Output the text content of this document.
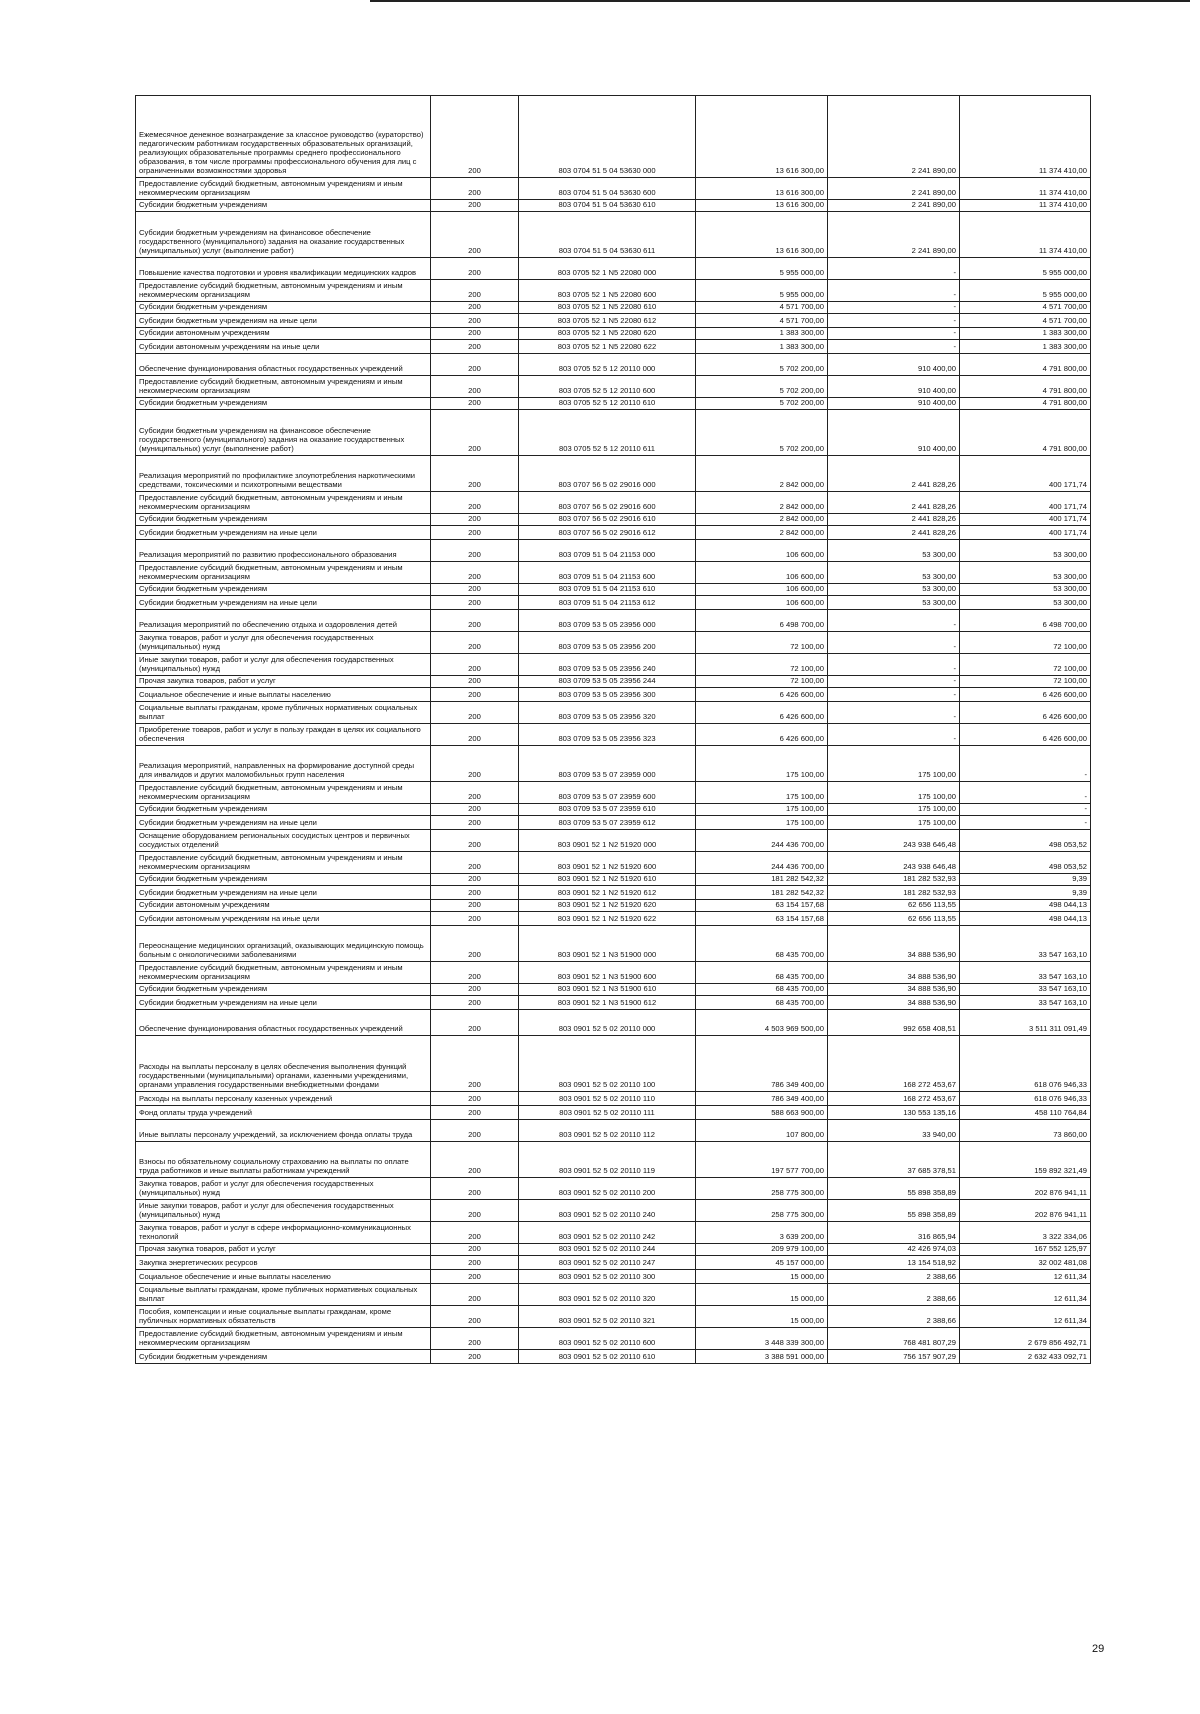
Ежемесячное денежное вознаграждение за классное руководство (кураторство) педагогическим работникам государственных образовательных организаций, реализующих образовательные программы среднего профессионального образования, в том числе программы профессионального обучения для лиц с ограниченными возможностями здоровья	200	803 0704 51 5 04 53630 000	13 616 300,00	2 241 890,00	11 374 410,00
Предоставление субсидий бюджетным, автономным учреждениям и иным некоммерческим организациям	200	803 0704 51 5 04 53630 600	13 616 300,00	2 241 890,00	11 374 410,00
Субсидии бюджетным учреждениям	200	803 0704 51 5 04 53630 610	13 616 300,00	2 241 890,00	11 374 410,00
Субсидии бюджетным учреждениям на финансовое обеспечение государственного (муниципального) задания на оказание государственных (муниципальных) услуг (выполнение работ)	200	803 0704 51 5 04 53630 611	13 616 300,00	2 241 890,00	11 374 410,00
Повышение качества подготовки и уровня квалификации медицинских кадров	200	803 0705 52 1 N5 22080 000	5 955 000,00	-	5 955 000,00
Предоставление субсидий бюджетным, автономным учреждениям и иным некоммерческим организациям	200	803 0705 52 1 N5 22080 600	5 955 000,00	-	5 955 000,00
Субсидии бюджетным учреждениям	200	803 0705 52 1 N5 22080 610	4 571 700,00	-	4 571 700,00
Субсидии бюджетным учреждениям на иные цели	200	803 0705 52 1 N5 22080 612	4 571 700,00	-	4 571 700,00
Субсидии автономным учреждениям	200	803 0705 52 1 N5 22080 620	1 383 300,00	-	1 383 300,00
Субсидии автономным учреждениям на иные цели	200	803 0705 52 1 N5 22080 622	1 383 300,00	-	1 383 300,00
Обеспечение функционирования областных государственных учреждений	200	803 0705 52 5 12 20110 000	5 702 200,00	910 400,00	4 791 800,00
Предоставление субсидий бюджетным, автономным учреждениям и иным некоммерческим организациям	200	803 0705 52 5 12 20110 600	5 702 200,00	910 400,00	4 791 800,00
Субсидии бюджетным учреждениям	200	803 0705 52 5 12 20110 610	5 702 200,00	910 400,00	4 791 800,00
Субсидии бюджетным учреждениям на финансовое обеспечение государственного (муниципального) задания на оказание государственных (муниципальных) услуг (выполнение работ)	200	803 0705 52 5 12 20110 611	5 702 200,00	910 400,00	4 791 800,00
Реализация мероприятий по профилактике злоупотребления наркотическими средствами, токсическими и психотропными веществами	200	803 0707 56 5 02 29016 000	2 842 000,00	2 441 828,26	400 171,74
Предоставление субсидий бюджетным, автономным учреждениям и иным некоммерческим организациям	200	803 0707 56 5 02 29016 600	2 842 000,00	2 441 828,26	400 171,74
Субсидии бюджетным учреждениям	200	803 0707 56 5 02 29016 610	2 842 000,00	2 441 828,26	400 171,74
Субсидии бюджетным учреждениям на иные цели	200	803 0707 56 5 02 29016 612	2 842 000,00	2 441 828,26	400 171,74
Реализация мероприятий по развитию профессионального образования	200	803 0709 51 5 04 21153 000	106 600,00	53 300,00	53 300,00
Предоставление субсидий бюджетным, автономным учреждениям и иным некоммерческим организациям	200	803 0709 51 5 04 21153 600	106 600,00	53 300,00	53 300,00
Субсидии бюджетным учреждениям	200	803 0709 51 5 04 21153 610	106 600,00	53 300,00	53 300,00
Субсидии бюджетным учреждениям на иные цели	200	803 0709 51 5 04 21153 612	106 600,00	53 300,00	53 300,00
Реализация мероприятий по обеспечению отдыха и оздоровления детей	200	803 0709 53 5 05 23956 000	6 498 700,00	-	6 498 700,00
Закупка товаров, работ и услуг для обеспечения государственных (муниципальных) нужд	200	803 0709 53 5 05 23956 200	72 100,00	-	72 100,00
Иные закупки товаров, работ и услуг для обеспечения государственных (муниципальных) нужд	200	803 0709 53 5 05 23956 240	72 100,00	-	72 100,00
Прочая закупка товаров, работ и услуг	200	803 0709 53 5 05 23956 244	72 100,00	-	72 100,00
Социальное обеспечение и иные выплаты населению	200	803 0709 53 5 05 23956 300	6 426 600,00	-	6 426 600,00
Социальные выплаты гражданам, кроме публичных нормативных социальных выплат	200	803 0709 53 5 05 23956 320	6 426 600,00	-	6 426 600,00
Приобретение товаров, работ и услуг в пользу граждан в целях их социального обеспечения	200	803 0709 53 5 05 23956 323	6 426 600,00	-	6 426 600,00
Реализация мероприятий, направленных на формирование доступной среды для инвалидов и других маломобильных групп населения	200	803 0709 53 5 07 23959 000	175 100,00	175 100,00	-
Предоставление субсидий бюджетным, автономным учреждениям и иным некоммерческим организациям	200	803 0709 53 5 07 23959 600	175 100,00	175 100,00	-
Субсидии бюджетным учреждениям	200	803 0709 53 5 07 23959 610	175 100,00	175 100,00	-
Субсидии бюджетным учреждениям на иные цели	200	803 0709 53 5 07 23959 612	175 100,00	175 100,00	-
Оснащение оборудованием региональных сосудистых центров и первичных сосудистых отделений	200	803 0901 52 1 N2 51920 000	244 436 700,00	243 938 646,48	498 053,52
Предоставление субсидий бюджетным, автономным учреждениям и иным некоммерческим организациям	200	803 0901 52 1 N2 51920 600	244 436 700,00	243 938 646,48	498 053,52
Субсидии бюджетным учреждениям	200	803 0901 52 1 N2 51920 610	181 282 542,32	181 282 532,93	9,39
Субсидии бюджетным учреждениям на иные цели	200	803 0901 52 1 N2 51920 612	181 282 542,32	181 282 532,93	9,39
Субсидии автономным учреждениям	200	803 0901 52 1 N2 51920 620	63 154 157,68	62 656 113,55	498 044,13
Субсидии автономным учреждениям на иные цели	200	803 0901 52 1 N2 51920 622	63 154 157,68	62 656 113,55	498 044,13
Переоснащение медицинских организаций, оказывающих медицинскую помощь больным с онкологическими заболеваниями	200	803 0901 52 1 N3 51900 000	68 435 700,00	34 888 536,90	33 547 163,10
Предоставление субсидий бюджетным, автономным учреждениям и иным некоммерческим организациям	200	803 0901 52 1 N3 51900 600	68 435 700,00	34 888 536,90	33 547 163,10
Субсидии бюджетным учреждениям	200	803 0901 52 1 N3 51900 610	68 435 700,00	34 888 536,90	33 547 163,10
Субсидии бюджетным учреждениям на иные цели	200	803 0901 52 1 N3 51900 612	68 435 700,00	34 888 536,90	33 547 163,10
Обеспечение функционирования областных государственных учреждений	200	803 0901 52 5 02 20110 000	4 503 969 500,00	992 658 408,51	3 511 311 091,49
Расходы на выплаты персоналу в целях обеспечения выполнения функций государственными (муниципальными) органами, казенными учреждениями, органами управления государственными внебюджетными фондами	200	803 0901 52 5 02 20110 100	786 349 400,00	168 272 453,67	618 076 946,33
Расходы на выплаты персоналу казенных учреждений	200	803 0901 52 5 02 20110 110	786 349 400,00	168 272 453,67	618 076 946,33
Фонд оплаты труда учреждений	200	803 0901 52 5 02 20110 111	588 663 900,00	130 553 135,16	458 110 764,84
Иные выплаты персоналу учреждений, за исключением фонда оплаты труда	200	803 0901 52 5 02 20110 112	107 800,00	33 940,00	73 860,00
Взносы по обязательному социальному страхованию на выплаты по оплате труда работников и иные выплаты работникам учреждений	200	803 0901 52 5 02 20110 119	197 577 700,00	37 685 378,51	159 892 321,49
Закупка товаров, работ и услуг для обеспечения государственных (муниципальных) нужд	200	803 0901 52 5 02 20110 200	258 775 300,00	55 898 358,89	202 876 941,11
Иные закупки товаров, работ и услуг для обеспечения государственных (муниципальных) нужд	200	803 0901 52 5 02 20110 240	258 775 300,00	55 898 358,89	202 876 941,11
Закупка товаров, работ и услуг в сфере информационно-коммуникационных технологий	200	803 0901 52 5 02 20110 242	3 639 200,00	316 865,94	3 322 334,06
Прочая закупка товаров, работ и услуг	200	803 0901 52 5 02 20110 244	209 979 100,00	42 426 974,03	167 552 125,97
Закупка энергетических ресурсов	200	803 0901 52 5 02 20110 247	45 157 000,00	13 154 518,92	32 002 481,08
Социальное обеспечение и иные выплаты населению	200	803 0901 52 5 02 20110 300	15 000,00	2 388,66	12 611,34
Социальные выплаты гражданам, кроме публичных нормативных социальных выплат	200	803 0901 52 5 02 20110 320	15 000,00	2 388,66	12 611,34
Пособия, компенсации и иные социальные выплаты гражданам, кроме публичных нормативных обязательств	200	803 0901 52 5 02 20110 321	15 000,00	2 388,66	12 611,34
Предоставление субсидий бюджетным, автономным учреждениям и иным некоммерческим организациям	200	803 0901 52 5 02 20110 600	3 448 339 300,00	768 481 807,29	2 679 856 492,71
Субсидии бюджетным учреждениям	200	803 0901 52 5 02 20110 610	3 388 591 000,00	756 157 907,29	2 632 433 092,71
29
